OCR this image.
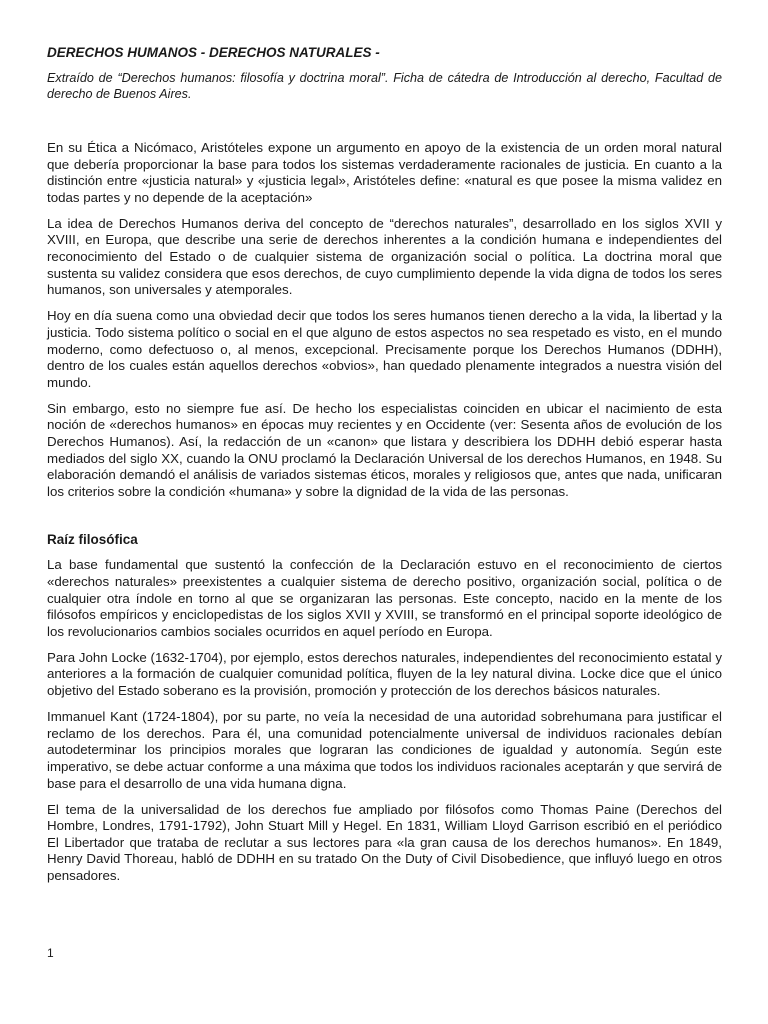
DERECHOS HUMANOS - DERECHOS NATURALES -
Extraído de “Derechos humanos: filosofía y doctrina moral”. Ficha de cátedra de Introducción al derecho, Facultad de derecho de Buenos Aires.

En su Ética a Nicómaco, Aristóteles expone un argumento en apoyo de la existencia de un orden moral natural que debería proporcionar la base para todos los sistemas verdaderamente racionales de justicia. En cuanto a la distinción entre «justicia natural» y «justicia legal», Aristóteles define: «natural es que posee la misma validez en todas partes y no depende de la aceptación»

La idea de Derechos Humanos deriva del concepto de “derechos naturales”, desarrollado en los siglos XVII y XVIII, en Europa, que describe una serie de derechos inherentes a la condición humana e independientes del reconocimiento del Estado o de cualquier sistema de organización social o política. La doctrina moral que sustenta su validez considera que esos derechos, de cuyo cumplimiento depende la vida digna de todos los seres humanos, son universales y atemporales.

Hoy en día suena como una obviedad decir que todos los seres humanos tienen derecho a la vida, la libertad y la justicia. Todo sistema político o social en el que alguno de estos aspectos no sea respetado es visto, en el mundo moderno, como defectuoso o, al menos, excepcional. Precisamente porque los Derechos Humanos (DDHH), dentro de los cuales están aquellos derechos «obvios», han quedado plenamente integrados a nuestra visión del mundo.

Sin embargo, esto no siempre fue así. De hecho los especialistas coinciden en ubicar el nacimiento de esta noción de «derechos humanos» en épocas muy recientes y en Occidente (ver: Sesenta años de evolución de los Derechos Humanos). Así, la redacción de un «canon» que listara y describiera los DDHH debió esperar hasta mediados del siglo XX, cuando la ONU proclamó la Declaración Universal de los derechos Humanos, en 1948. Su elaboración demandó el análisis de variados sistemas éticos, morales y religiosos que, antes que nada, unificaran los criterios sobre la condición «humana» y sobre la dignidad de la vida de las personas.

Raíz filosófica

La base fundamental que sustentó la confección de la Declaración estuvo en el reconocimiento de ciertos «derechos naturales» preexistentes a cualquier sistema de derecho positivo, organización social, política o de cualquier otra índole en torno al que se organizaran las personas. Este concepto, nacido en la mente de los filósofos empíricos y enciclopedistas de los siglos XVII y XVIII, se transformó en el principal soporte ideológico de los revolucionarios cambios sociales ocurridos en aquel período en Europa.

Para John Locke (1632-1704), por ejemplo, estos derechos naturales, independientes del reconocimiento estatal y anteriores a la formación de cualquier comunidad política, fluyen de la ley natural divina. Locke dice que el único objetivo del Estado soberano es la provisión, promoción y protección de los derechos básicos naturales.

Immanuel Kant (1724-1804), por su parte, no veía la necesidad de una autoridad sobrehumana para justificar el reclamo de los derechos. Para él, una comunidad potencialmente universal de individuos racionales debían autodeterminar los principios morales que lograran las condiciones de igualdad y autonomía. Según este imperativo, se debe actuar conforme a una máxima que todos los individuos racionales aceptarán y que servirá de base para el desarrollo de una vida humana digna.

El tema de la universalidad de los derechos fue ampliado por filósofos como Thomas Paine (Derechos del Hombre, Londres, 1791-1792), John Stuart Mill y Hegel. En 1831, William Lloyd Garrison escribió en el periódico El Libertador que trataba de reclutar a sus lectores para «la gran causa de los derechos humanos». En 1849, Henry David Thoreau, habló de DDHH en su tratado On the Duty of Civil Disobedience, que influyó luego en otros pensadores.

1
